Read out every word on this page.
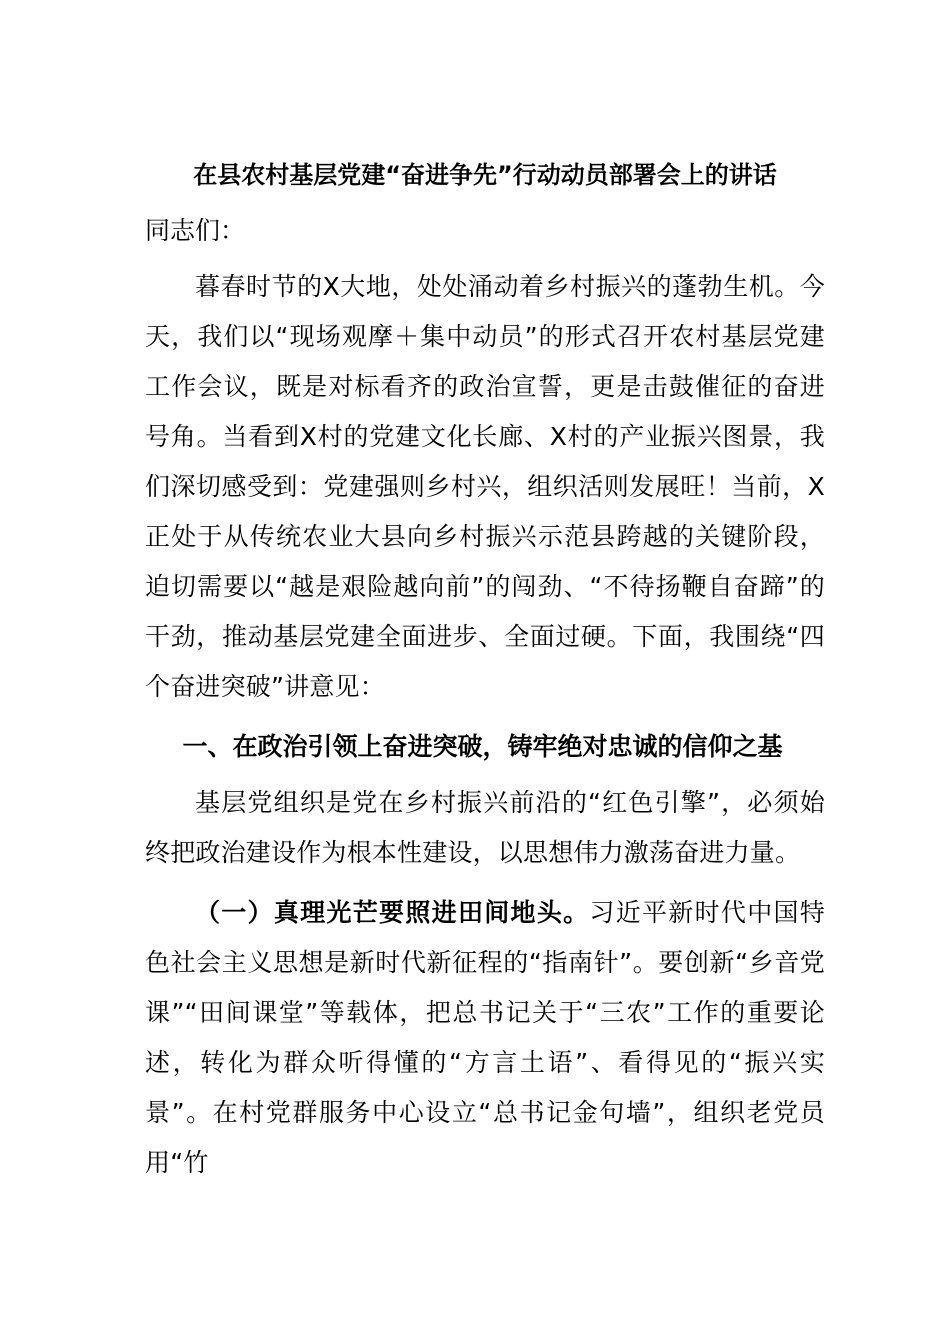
在县农村基层党建“奋进争先”行动动员部署会上的讲话

同志们：

暮春时节的X大地，处处涌动着乡村振兴的蓬勃生机。今天，我们以“现场观摩＋集中动员”的形式召开农村基层党建工作会议，既是对标看齐的政治宣誓，更是击鼓催征的奋进号角。当看到X村的党建文化长廊、X村的产业振兴图景，我们深切感受到：党建强则乡村兴，组织活则发展旺！当前，X正处于从传统农业大县向乡村振兴示范县跨越的关键阶段，迫切需要以“越是艰险越向前”的闯劲、“不待扬鞭自奋蹄”的干劲，推动基层党建全面进步、全面过硬。下面，我围绕“四个奋进突破”讲意见：

一、在政治引领上奋进突破，铸牢绝对忠诚的信仰之基

基层党组织是党在乡村振兴前沿的“红色引擎”，必须始终把政治建设作为根本性建设，以思想伟力激荡奋进力量。

（一）真理光芒要照进田间地头。习近平新时代中国特色社会主义思想是新时代新征程的“指南针”。要创新“乡音党课”“田间课堂”等载体，把总书记关于“三农”工作的重要论述，转化为群众听得懂的“方言土语”、看得见的“振兴实景”。在村党群服务中心设立“总书记金句墙”，组织老党员用“竹
